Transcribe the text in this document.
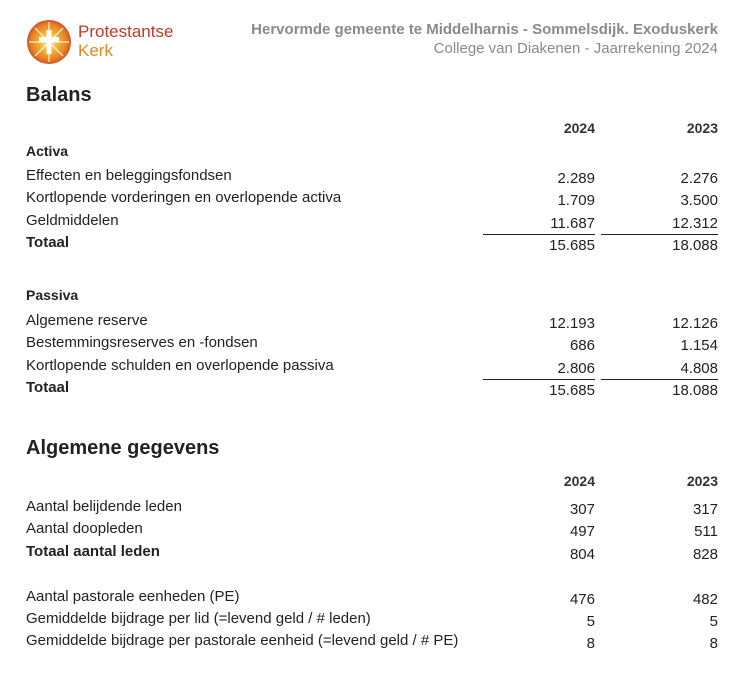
Protestantse
Kerk
Hervormde gemeente te Middelharnis - Sommelsdijk. Exoduskerk
College van Diakenen - Jaarrekening 2024
Balans
2024	2023
Activa
Effecten en beleggingsfondsen	2.289	2.276
Kortlopende vorderingen en overlopende activa	1.709	3.500
Geldmiddelen	11.687	12.312
Totaal	15.685	18.088
Passiva
Algemene reserve	12.193	12.126
Bestemmingsreserves en -fondsen	686	1.154
Kortlopende schulden en overlopende passiva	2.806	4.808
Totaal	15.685	18.088
Algemene gegevens
2024	2023
Aantal belijdende leden	307	317
Aantal doopleden	497	511
Totaal aantal leden	804	828
Aantal pastorale eenheden (PE)	476	482
Gemiddelde bijdrage per lid (=levend geld / # leden)	5	5
Gemiddelde bijdrage per pastorale eenheid (=levend geld / # PE)	8	8
